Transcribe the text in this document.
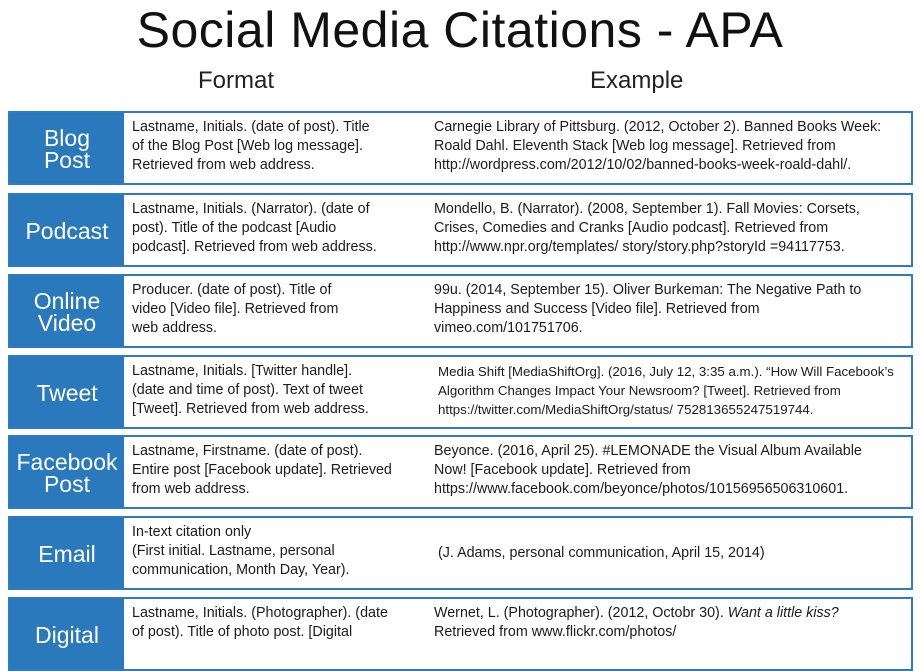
Social Media Citations - APA
Format	Example
Blog
Post
Lastname, Initials. (date of post). Title
of the Blog Post [Web log message].
Retrieved from web address.
Carnegie Library of Pittsburg. (2012, October 2). Banned Books Week:
Roald Dahl. Eleventh Stack [Web log message]. Retrieved from
http://wordpress.com/2012/10/02/banned-books-week-roald-dahl/.
Podcast
Lastname, Initials. (Narrator). (date of
post). Title of the podcast [Audio
podcast]. Retrieved from web address.
Mondello, B. (Narrator). (2008, September 1). Fall Movies: Corsets,
Crises, Comedies and Cranks [Audio podcast]. Retrieved from
http://www.npr.org/templates/ story/story.php?storyId =94117753.
Online
Video
Producer. (date of post). Title of
video [Video file]. Retrieved from
web address.
99u. (2014, September 15). Oliver Burkeman: The Negative Path to
Happiness and Success [Video file]. Retrieved from
vimeo.com/101751706.
Tweet
Lastname, Initials. [Twitter handle].
(date and time of post). Text of tweet
[Tweet]. Retrieved from web address.
Media Shift [MediaShiftOrg]. (2016, July 12, 3:35 a.m.). “How Will Facebook’s
Algorithm Changes Impact Your Newsroom? [Tweet]. Retrieved from
https://twitter.com/MediaShiftOrg/status/ 752813655247519744.
Facebook
Post
Lastname, Firstname. (date of post).
Entire post [Facebook update]. Retrieved
from web address.
Beyonce. (2016, April 25). #LEMONADE the Visual Album Available
Now! [Facebook update]. Retrieved from
https://www.facebook.com/beyonce/photos/10156956506310601.
Email
In-text citation only
(First initial. Lastname, personal
communication, Month Day, Year).
(J. Adams, personal communication, April 15, 2014)
Digital
Lastname, Initials. (Photographer). (date
of post). Title of photo post. [Digital
Wernet, L. (Photographer). (2012, Octobr 30). Want a little kiss?
Retrieved from www.flickr.com/photos/
